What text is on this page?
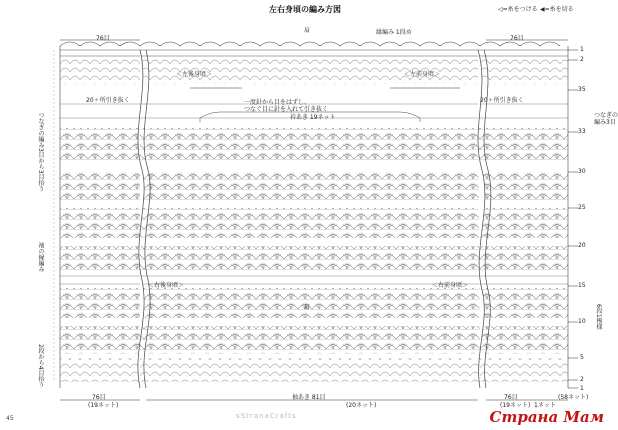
左右身頃の編み方図	◁=糸をつける ◀=糸を切る
76目	76目
肩	縁編み 1段め
＜左後身頃＞	＜左前身頃＞
20ヶ所引き抜く	20ヶ所引き抜く
一度針から目をはずし、
つなぐ目に針を入れて引き抜く
衿あき 19ネット	つなぎの
編み3目
＜右後身頃＞	＜右前身頃＞
つなぎの編み3目から3目拾う
袖の縁編み
2段から4目拾う
6段1模様
肩
76目
(19ネット)
袖あき 81目
(20ネット)
76目
(19ネット) 1ネット
(58ネット)
1
2
35
33
30
25
20
15
10
5
2
1
sStranaCrafts
45	Страна Мам
